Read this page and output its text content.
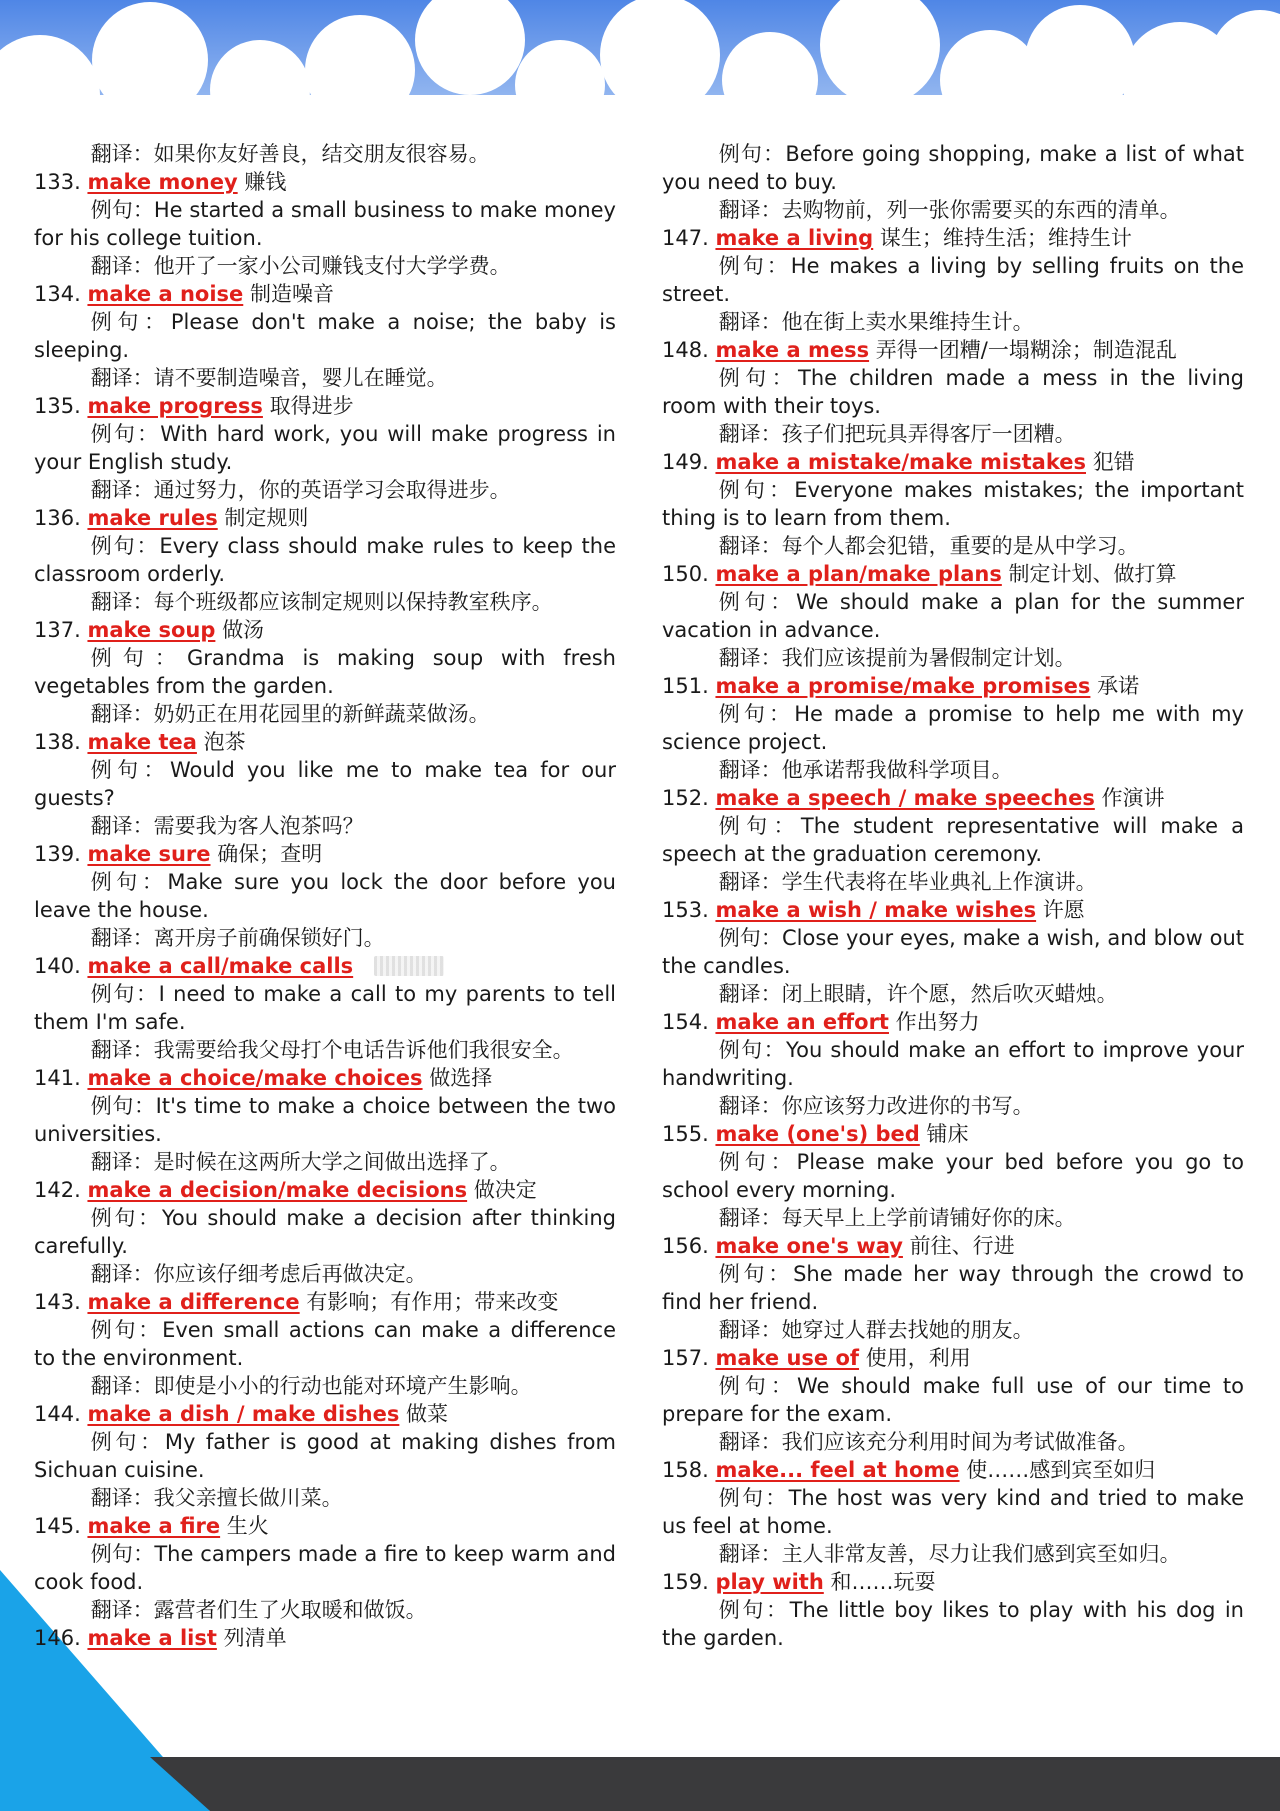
翻译：如果你友好善良，结交朋友很容易。
133. make money 赚钱
例句：He started a small business to make money for his college tuition.
翻译：他开了一家小公司赚钱支付大学学费。
134. make a noise 制造噪音
例句：Please don't make a noise; the baby is sleeping.
翻译：请不要制造噪音，婴儿在睡觉。
135. make progress 取得进步
例句：With hard work, you will make progress in your English study.
翻译：通过努力，你的英语学习会取得进步。
136. make rules 制定规则
例句：Every class should make rules to keep the classroom orderly.
翻译：每个班级都应该制定规则以保持教室秩序。
137. make soup 做汤
例句：Grandma is making soup with fresh vegetables from the garden.
翻译：奶奶正在用花园里的新鲜蔬菜做汤。
138. make tea 泡茶
例句：Would you like me to make tea for our guests?
翻译：需要我为客人泡茶吗？
139. make sure 确保；查明
例句：Make sure you lock the door before you leave the house.
翻译：离开房子前确保锁好门。
140. make a call/make calls
例句：I need to make a call to my parents to tell them I'm safe.
翻译：我需要给我父母打个电话告诉他们我很安全。
141. make a choice/make choices 做选择
例句：It's time to make a choice between the two universities.
翻译：是时候在这两所大学之间做出选择了。
142. make a decision/make decisions 做决定
例句：You should make a decision after thinking carefully.
翻译：你应该仔细考虑后再做决定。
143. make a difference 有影响；有作用；带来改变
例句：Even small actions can make a difference to the environment.
翻译：即使是小小的行动也能对环境产生影响。
144. make a dish / make dishes 做菜
例句：My father is good at making dishes from Sichuan cuisine.
翻译：我父亲擅长做川菜。
145. make a fire 生火
例句：The campers made a fire to keep warm and cook food.
翻译：露营者们生了火取暖和做饭。
146. make a list 列清单
例句：Before going shopping, make a list of what you need to buy.
翻译：去购物前，列一张你需要买的东西的清单。
147. make a living 谋生；维持生活；维持生计
例句：He makes a living by selling fruits on the street.
翻译：他在街上卖水果维持生计。
148. make a mess 弄得一团糟/一塌糊涂；制造混乱
例句：The children made a mess in the living room with their toys.
翻译：孩子们把玩具弄得客厅一团糟。
149. make a mistake/make mistakes 犯错
例句：Everyone makes mistakes; the important thing is to learn from them.
翻译：每个人都会犯错，重要的是从中学习。
150. make a plan/make plans 制定计划、做打算
例句：We should make a plan for the summer vacation in advance.
翻译：我们应该提前为暑假制定计划。
151. make a promise/make promises 承诺
例句：He made a promise to help me with my science project.
翻译：他承诺帮我做科学项目。
152. make a speech / make speeches 作演讲
例句：The student representative will make a speech at the graduation ceremony.
翻译：学生代表将在毕业典礼上作演讲。
153. make a wish / make wishes 许愿
例句：Close your eyes, make a wish, and blow out the candles.
翻译：闭上眼睛，许个愿，然后吹灭蜡烛。
154. make an effort 作出努力
例句：You should make an effort to improve your handwriting.
翻译：你应该努力改进你的书写。
155. make (one's) bed 铺床
例句：Please make your bed before you go to school every morning.
翻译：每天早上上学前请铺好你的床。
156. make one's way 前往、行进
例句：She made her way through the crowd to find her friend.
翻译：她穿过人群去找她的朋友。
157. make use of 使用，利用
例句：We should make full use of our time to prepare for the exam.
翻译：我们应该充分利用时间为考试做准备。
158. make... feel at home 使……感到宾至如归
例句：The host was very kind and tried to make us feel at home.
翻译：主人非常友善，尽力让我们感到宾至如归。
159. play with 和……玩耍
例句：The little boy likes to play with his dog in the garden.
